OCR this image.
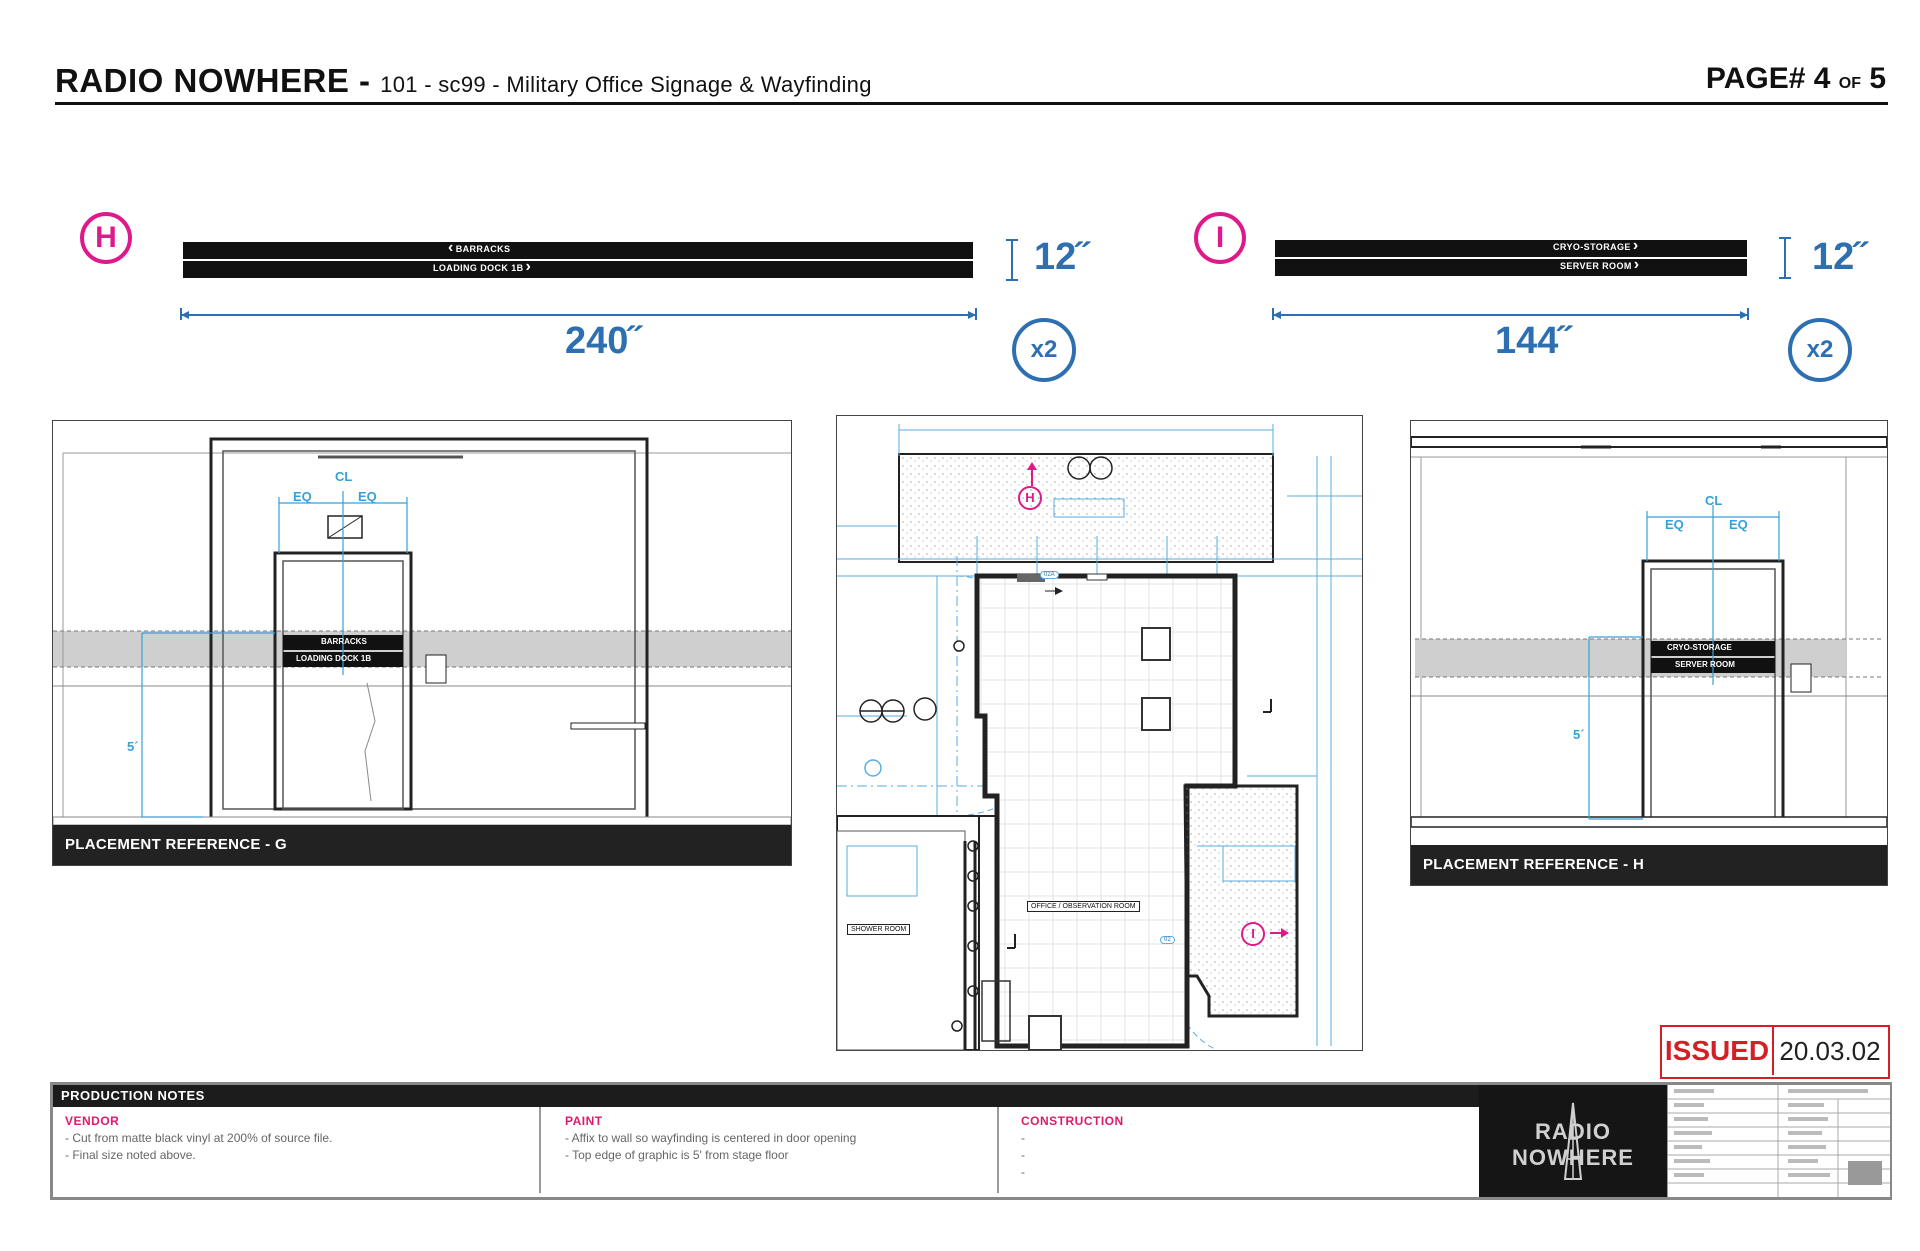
RADIO NOWHERE - 101 - sc99 - Military Office Signage & Wayfinding	PAGE# 4 OF 5
H
‹	BARRACKS
LOADING DOCK 1B ›	12˝
240˝	x2
I	CRYO-STORAGE ›
SERVER ROOM ›	12˝
144˝	x2
CL
EQ	EQ
5´
BARRACKS
LOADING DOCK 1B
PLACEMENT REFERENCE - G
H
I
OFFICE / OBSERVATION ROOM
SHOWER ROOM
02A
02
CL
EQ	EQ
5´
CRYO-STORAGE
SERVER ROOM
PLACEMENT REFERENCE - H
ISSUED 20.03.02
PRODUCTION NOTES
VENDOR
- Cut from matte black vinyl at 200% of source file.
- Final size noted above.
PAINT
- Affix to wall so wayfinding is centered in door opening
- Top edge of graphic is 5' from stage floor
CONSTRUCTION
-
-
-
RADIO NOWHERE
